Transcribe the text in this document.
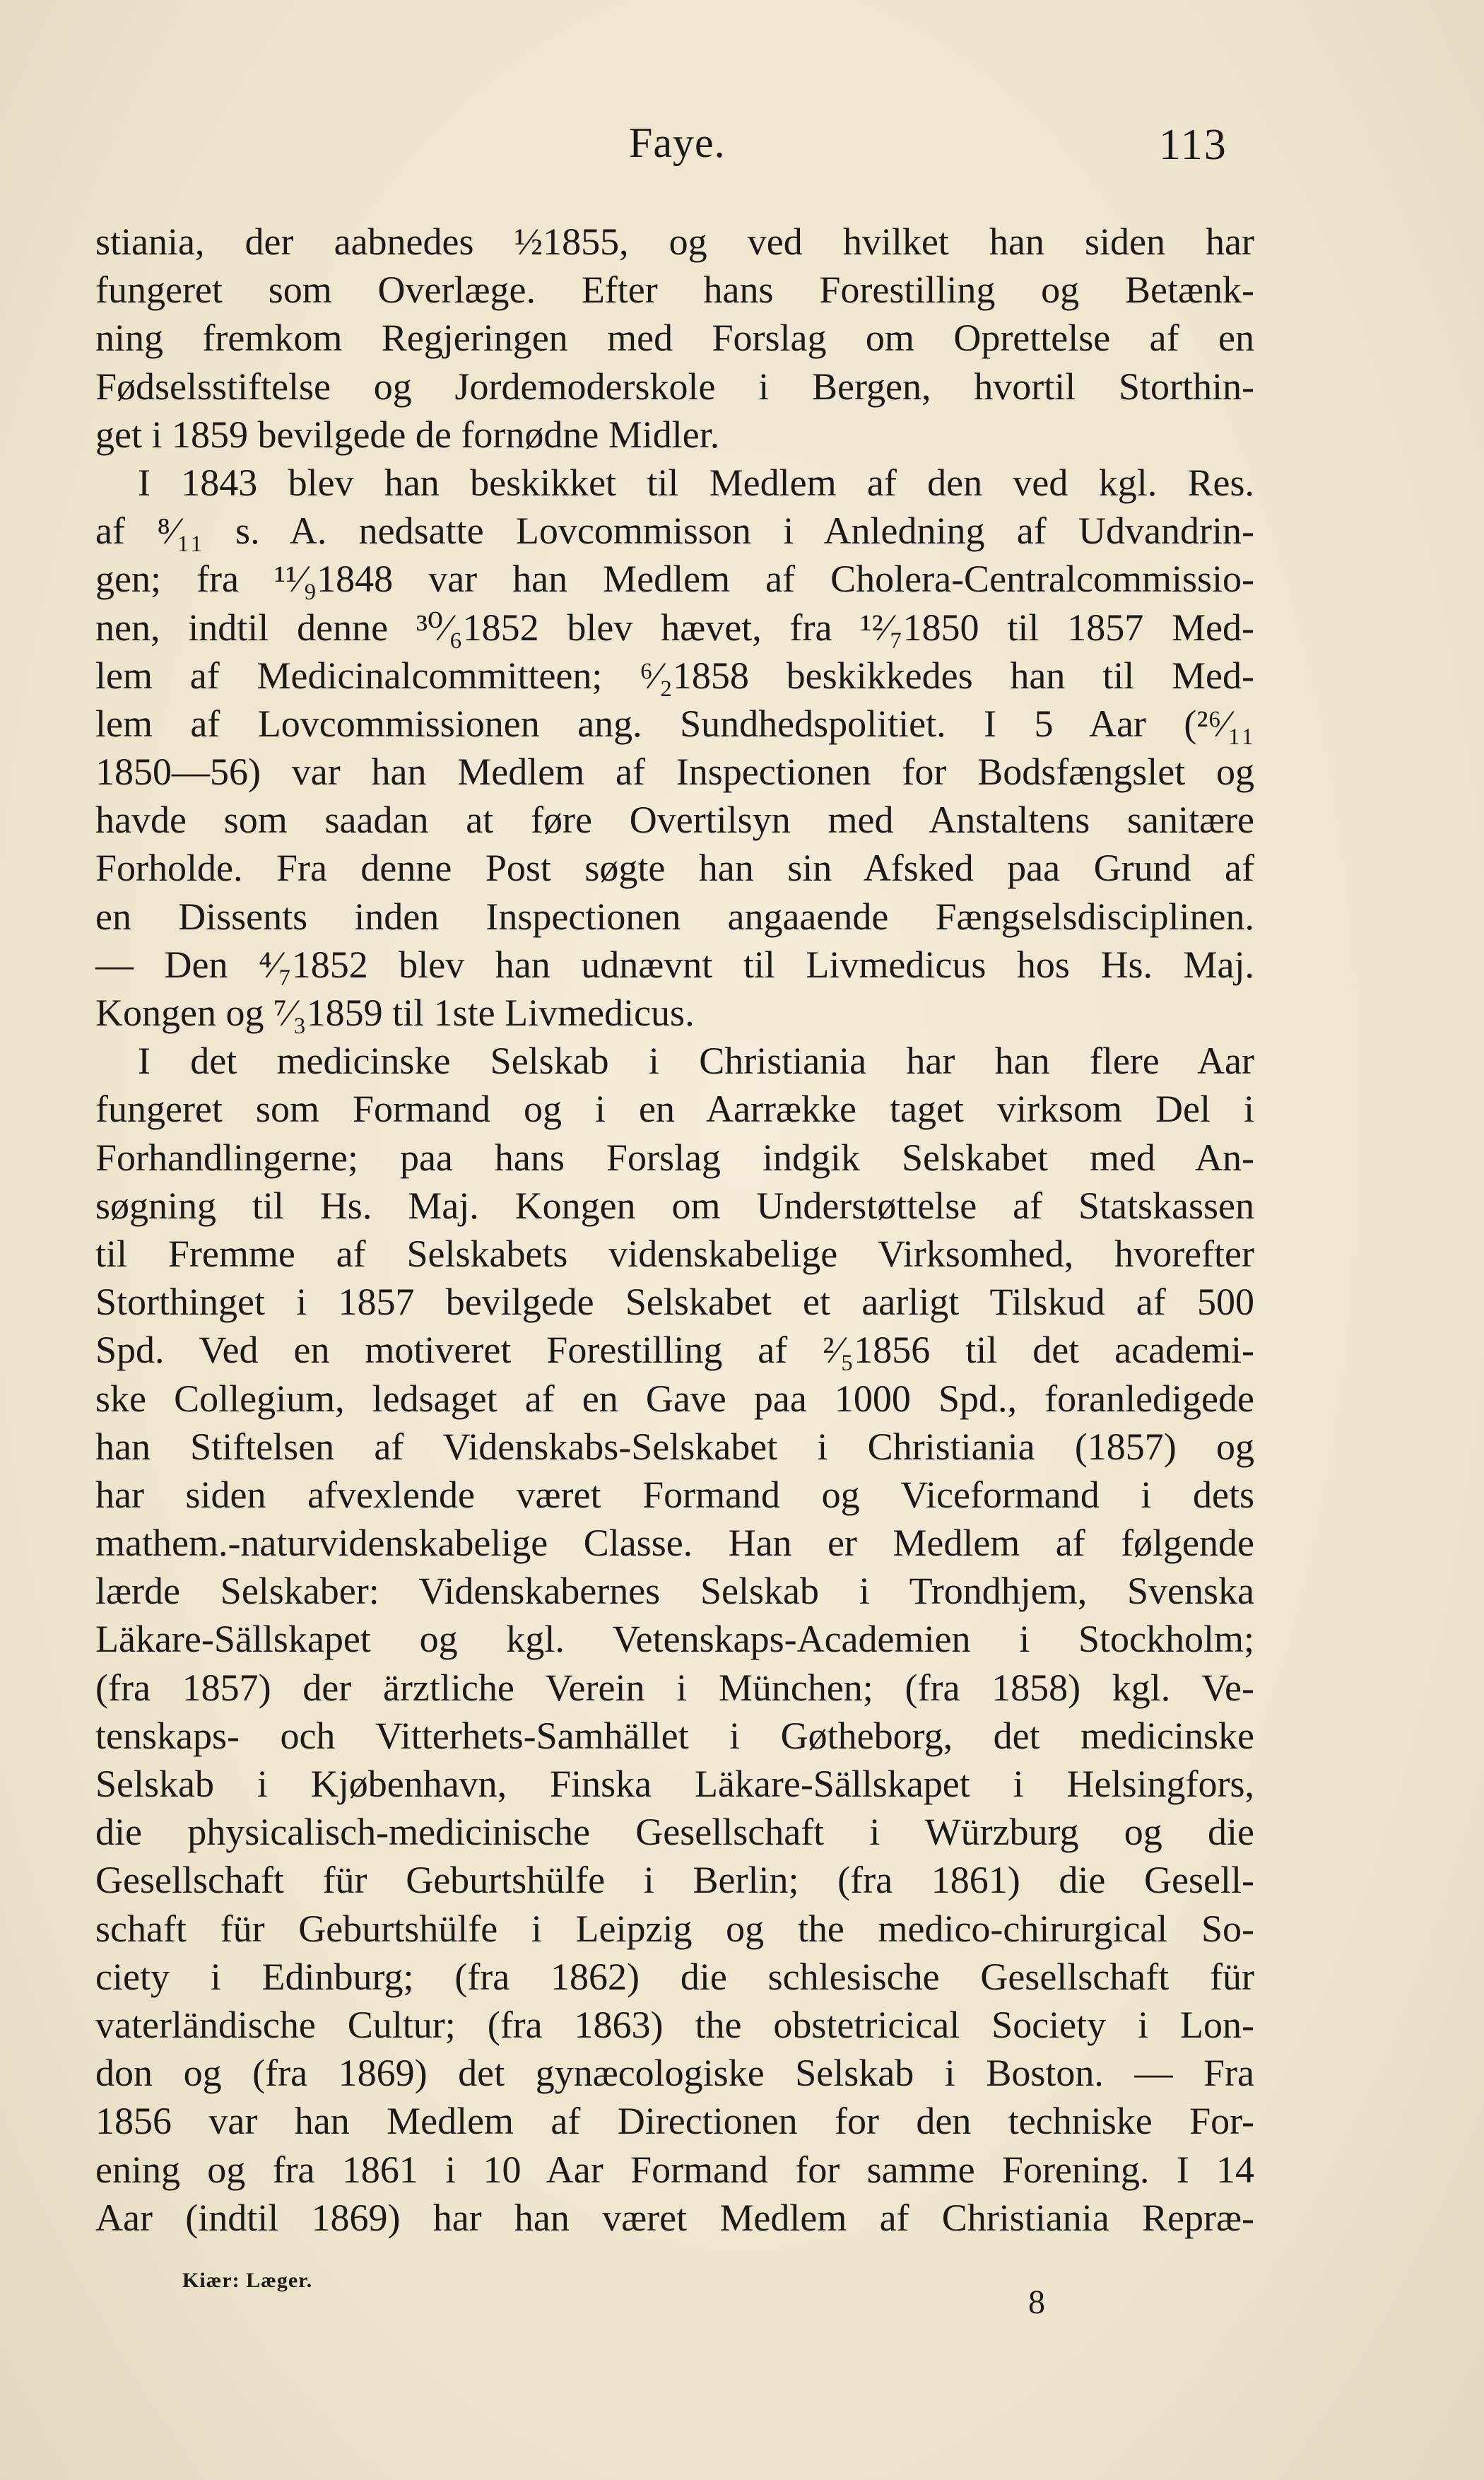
Faye.	113
stiania, der aabnedes ½1855, og ved hvilket han siden har
fungeret som Overlæge. Efter hans Forestilling og Betænk-
ning fremkom Regjeringen med Forslag om Oprettelse af en
Fødselsstiftelse og Jordemoderskole i Bergen, hvortil Storthin-
get i 1859 bevilgede de fornødne Midler.
I 1843 blev han beskikket til Medlem af den ved kgl. Res.
af ⁸⁄₁₁ s. A. nedsatte Lovcommisson i Anledning af Udvandrin-
gen; fra ¹¹⁄₉1848 var han Medlem af Cholera-Centralcommissio-
nen, indtil denne ³⁰⁄₆1852 blev hævet, fra ¹²⁄₇1850 til 1857 Med-
lem af Medicinalcommitteen; ⁶⁄₂1858 beskikkedes han til Med-
lem af Lovcommissionen ang. Sundhedspolitiet. I 5 Aar (²⁶⁄₁₁
1850—56) var han Medlem af Inspectionen for Bodsfængslet og
havde som saadan at føre Overtilsyn med Anstaltens sanitære
Forholde. Fra denne Post søgte han sin Afsked paa Grund af
en Dissents inden Inspectionen angaaende Fængselsdisciplinen.
— Den ⁴⁄₇1852 blev han udnævnt til Livmedicus hos Hs. Maj.
Kongen og ⁷⁄₃1859 til 1ste Livmedicus.
I det medicinske Selskab i Christiania har han flere Aar
fungeret som Formand og i en Aarrække taget virksom Del i
Forhandlingerne; paa hans Forslag indgik Selskabet med An-
søgning til Hs. Maj. Kongen om Understøttelse af Statskassen
til Fremme af Selskabets videnskabelige Virksomhed, hvorefter
Storthinget i 1857 bevilgede Selskabet et aarligt Tilskud af 500
Spd. Ved en motiveret Forestilling af ²⁄₅1856 til det academi-
ske Collegium, ledsaget af en Gave paa 1000 Spd., foranledigede
han Stiftelsen af Videnskabs-Selskabet i Christiania (1857) og
har siden afvexlende været Formand og Viceformand i dets
mathem.-naturvidenskabelige Classe. Han er Medlem af følgende
lærde Selskaber: Videnskabernes Selskab i Trondhjem, Svenska
Läkare-Sällskapet og kgl. Vetenskaps-Academien i Stockholm;
(fra 1857) der ärztliche Verein i München; (fra 1858) kgl. Ve-
tenskaps- och Vitterhets-Samhället i Gøtheborg, det medicinske
Selskab i Kjøbenhavn, Finska Läkare-Sällskapet i Helsingfors,
die physicalisch-medicinische Gesellschaft i Würzburg og die
Gesellschaft für Geburtshülfe i Berlin; (fra 1861) die Gesell-
schaft für Geburtshülfe i Leipzig og the medico-chirurgical So-
ciety i Edinburg; (fra 1862) die schlesische Gesellschaft für
vaterländische Cultur; (fra 1863) the obstetricical Society i Lon-
don og (fra 1869) det gynæcologiske Selskab i Boston. — Fra
1856 var han Medlem af Directionen for den techniske For-
ening og fra 1861 i 10 Aar Formand for samme Forening. I 14
Aar (indtil 1869) har han været Medlem af Christiania Repræ-
Kiær: Læger.
8
